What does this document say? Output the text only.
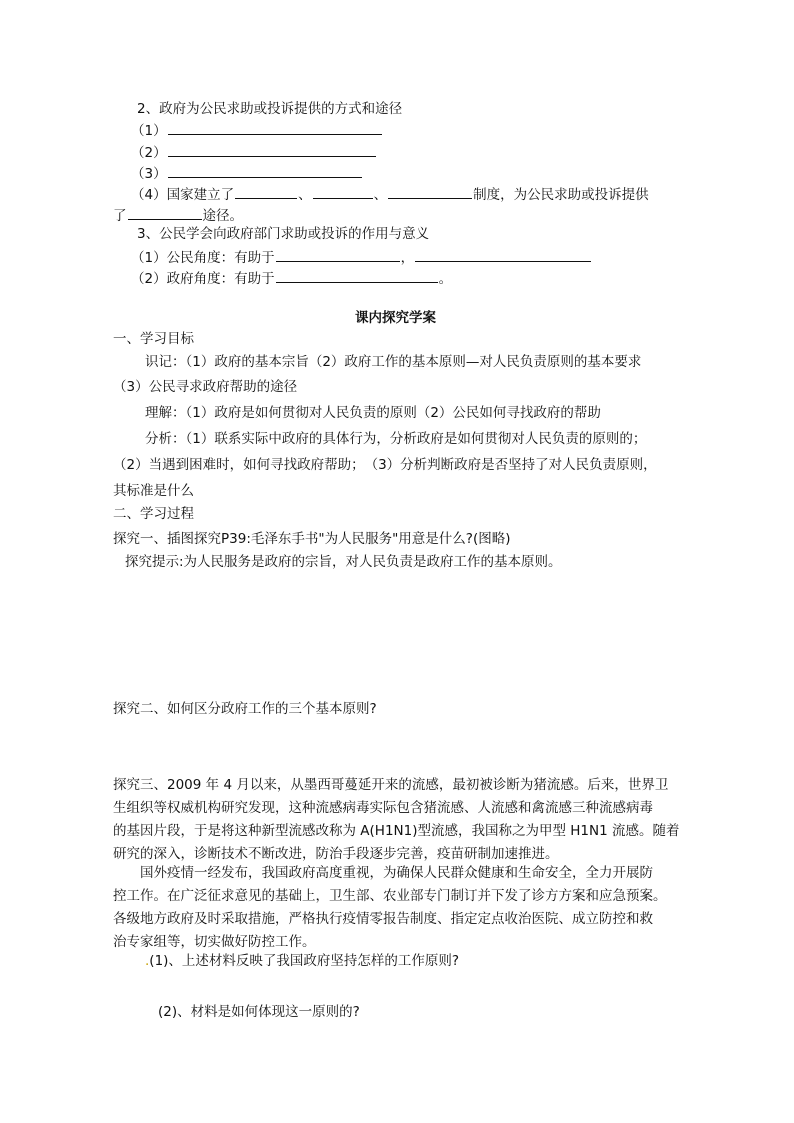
2、政府为公民求助或投诉提供的方式和途径
（1）
（2）
（3）
（4）国家建立了	、	、	制度，为公民求助或投诉提供
了	途径。
3、公民学会向政府部门求助或投诉的作用与意义
（1）公民角度：有助于	，
（2）政府角度：有助于	。
课内探究学案
一、学习目标
识记：（1）政府的基本宗旨（2）政府工作的基本原则—对人民负责原则的基本要求
（3）公民寻求政府帮助的途径
理解：（1）政府是如何贯彻对人民负责的原则（2）公民如何寻找政府的帮助
分析：（1）联系实际中政府的具体行为，分析政府是如何贯彻对人民负责的原则的；
（2）当遇到困难时，如何寻找政府帮助；　（3）分析判断政府是否坚持了对人民负责原则，
其标准是什么
二、学习过程
探究一、插图探究P39:毛泽东手书"为人民服务"用意是什么?(图略)
探究提示:为人民服务是政府的宗旨，对人民负责是政府工作的基本原则。
探究二、如何区分政府工作的三个基本原则?
探究三、2009 年 4 月以来，从墨西哥蔓延开来的流感，最初被诊断为猪流感。后来，世界卫
生组织等权威机构研究发现，这种流感病毒实际包含猪流感、人流感和禽流感三种流感病毒
的基因片段，于是将这种新型流感改称为 A(H1N1)型流感，我国称之为甲型 H1N1 流感。随着
研究的深入，诊断技术不断改进，防治手段逐步完善，疫苗研制加速推进。
国外疫情一经发布，我国政府高度重视，为确保人民群众健康和生命安全，全力开展防
控工作。在广泛征求意见的基础上，卫生部、农业部专门制订并下发了诊方方案和应急预案。
各级地方政府及时采取措施，严格执行疫情零报告制度、指定定点收治医院、成立防控和救
治专家组等，切实做好防控工作。
.(1)、上述材料反映了我国政府坚持怎样的工作原则?
(2)、材料是如何体现这一原则的?
